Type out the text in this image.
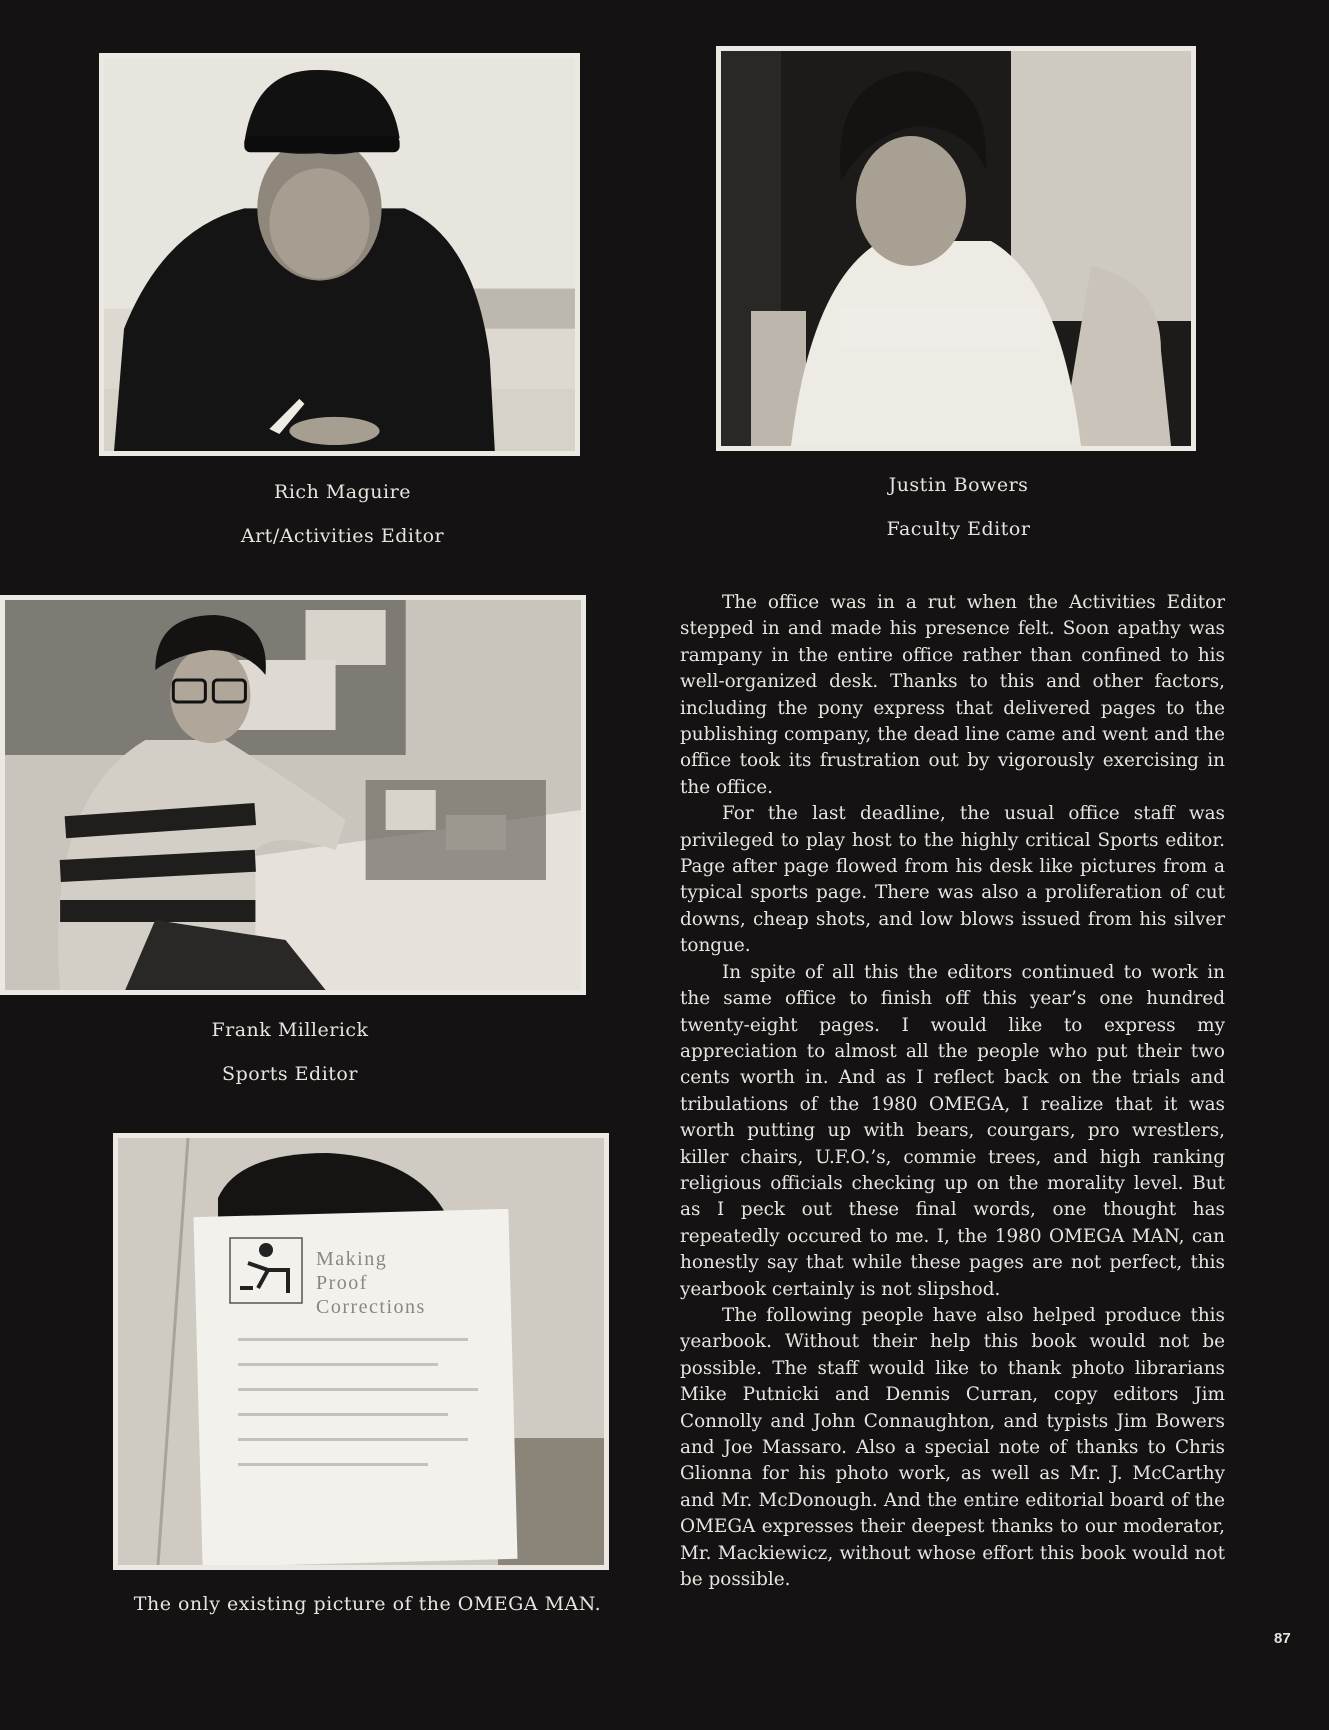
Rich Maguire
Art/Activities Editor
Justin Bowers
Faculty Editor
Frank Millerick
Sports Editor
Making
Proof
Corrections
The only existing picture of the OMEGA MAN.

The office was in a rut when the Activities Editor stepped in and made his presence felt. Soon apathy was rampany in the entire office rather than confined to his well-organized desk. Thanks to this and other factors, including the pony express that delivered pages to the publishing company, the dead line came and went and the office took its frustration out by vigorously exercising in the office.

For the last deadline, the usual office staff was privileged to play host to the highly critical Sports editor. Page after page flowed from his desk like pictures from a typical sports page. There was also a proliferation of cut downs, cheap shots, and low blows issued from his silver tongue.

In spite of all this the editors continued to work in the same office to finish off this year’s one hundred twenty-eight pages. I would like to express my appreciation to almost all the people who put their two cents worth in. And as I reflect back on the trials and tribulations of the 1980 OMEGA, I realize that it was worth putting up with bears, courgars, pro wrestlers, killer chairs, U.F.O.’s, commie trees, and high ranking religious officials checking up on the morality level. But as I peck out these final words, one thought has repeatedly occured to me. I, the 1980 OMEGA MAN, can honestly say that while these pages are not perfect, this yearbook certainly is not slipshod.

The following people have also helped produce this yearbook. Without their help this book would not be possible. The staff would like to thank photo librarians Mike Putnicki and Dennis Curran, copy editors Jim Connolly and John Connaughton, and typists Jim Bowers and Joe Massaro. Also a special note of thanks to Chris Glionna for his photo work, as well as Mr. J. McCarthy and Mr. McDonough. And the entire editorial board of the OMEGA expresses their deepest thanks to our moderator, Mr. Mackiewicz, without whose effort this book would not be possible.

87
